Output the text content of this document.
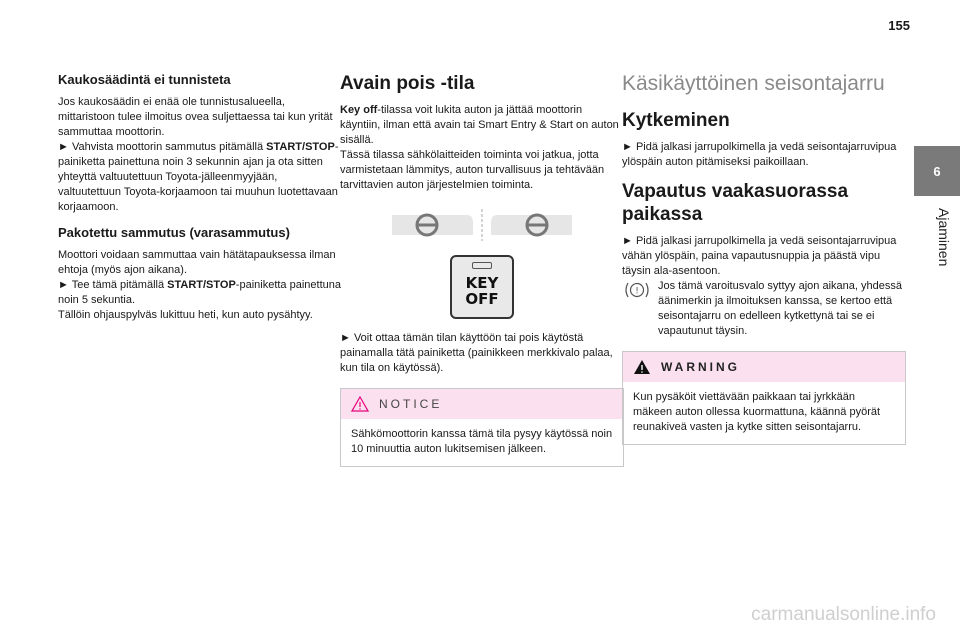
155
6
Ajaminen
Kaukosäädintä ei tunnisteta

Jos kaukosäädin ei enää ole tunnistusalueella, mittaristoon tulee ilmoitus ovea suljettaessa tai kun yrität sammuttaa moottorin.

► Vahvista moottorin sammutus pitämällä START/STOP-painiketta painettuna noin 3 sekunnin ajan ja ota sitten yhteyttä valtuutettuun Toyota-jälleenmyyjään, valtuutettuun Toyota-korjaamoon tai muuhun luotettavaan korjaamoon.

Pakotettu sammutus (varasammutus)

Moottori voidaan sammuttaa vain hätätapauksessa ilman ehtoja (myös ajon aikana).

► Tee tämä pitämällä START/STOP-painiketta painettuna noin 5 sekuntia.

Tällöin ohjauspylväs lukittuu heti, kun auto pysähtyy.

Avain pois -tila

Key off-tilassa voit lukita auton ja jättää moottorin käyntiin, ilman että avain tai Smart Entry & Start on auton sisällä.

Tässä tilassa sähkölaitteiden toiminta voi jatkua, jotta varmistetaan lämmitys, auton turvallisuus ja tehtävään tarvittavien auton järjestelmien toiminta.

KEY
OFF

► Voit ottaa tämän tilan käyttöön tai pois käytöstä painamalla tätä painiketta (painikkeen merkkivalo palaa, kun tila on käytössä).

NOTICE

Sähkömoottorin kanssa tämä tila pysyy käytössä noin 10 minuuttia auton lukitsemisen jälkeen.

Käsikäyttöinen seisontajarru
Kytkeminen

► Pidä jalkasi jarrupolkimella ja vedä seisontajarruvipua ylöspäin auton pitämiseksi paikoillaan.

Vapautus vaakasuorassa paikassa

► Pidä jalkasi jarrupolkimella ja vedä seisontajarruvipua vähän ylöspäin, paina vapautusnuppia ja päästä vipu täysin ala-asentoon.

! Jos tämä varoitusvalo syttyy ajon aikana, yhdessä äänimerkin ja ilmoituksen kanssa, se kertoo että seisontajarru on edelleen kytkettynä tai se ei vapautunut täysin.

WARNING

Kun pysäköit viettävään paikkaan tai jyrkkään mäkeen auton ollessa kuormattuna, käännä pyörät reunakiveä vasten ja kytke sitten seisontajarru.

carmanualsonline.info
